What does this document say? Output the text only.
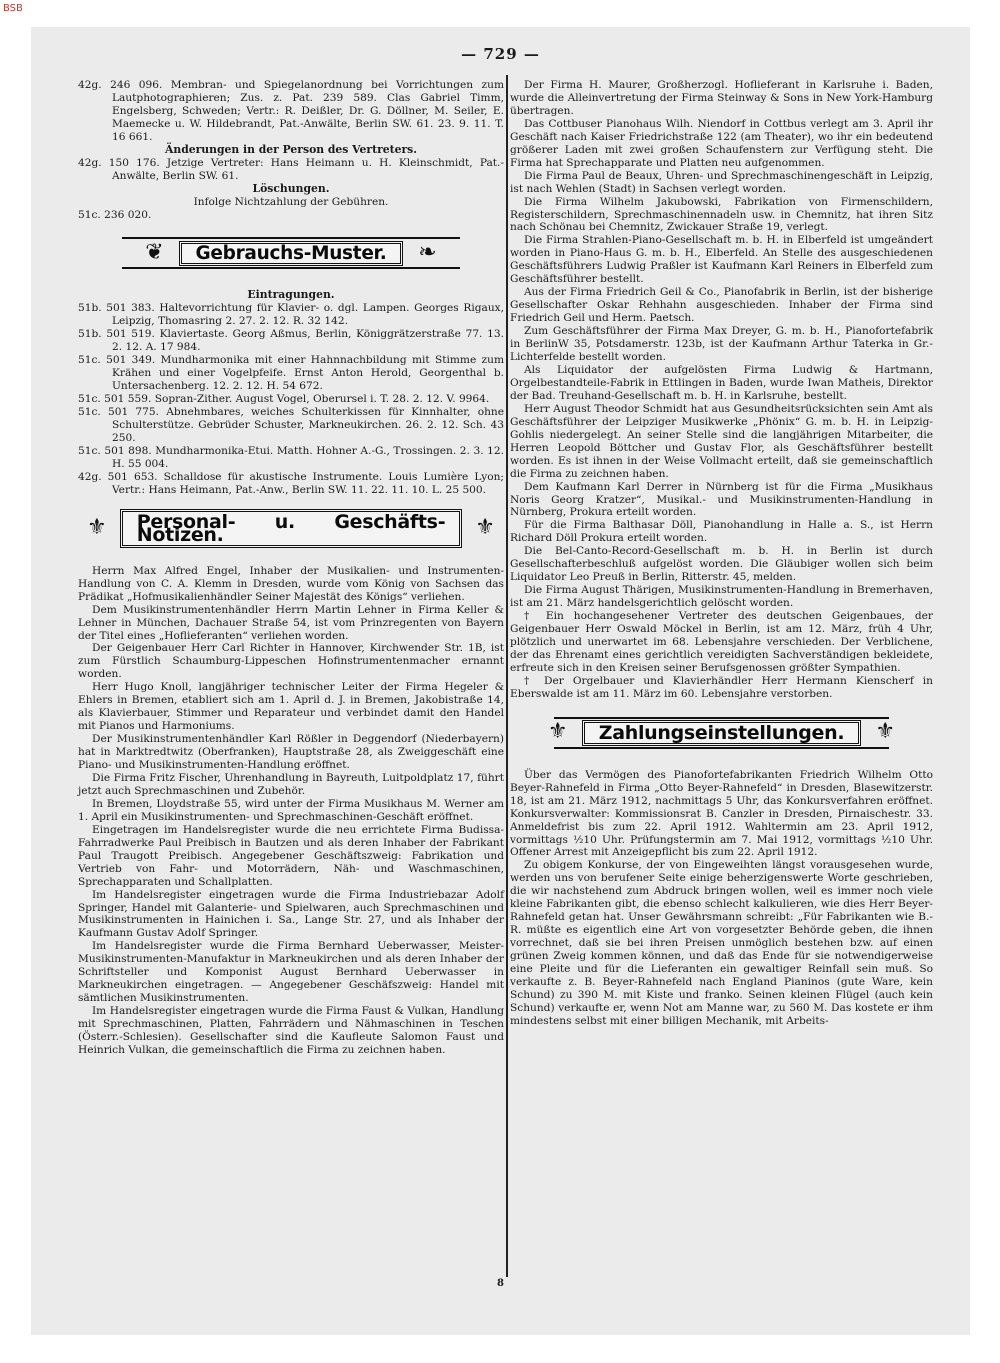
BSB
— 729 —

42g. 246 096. Membran- und Spiegelanordnung bei Vorrichtungen zum Lautphotographieren; Zus. z. Pat. 239 589. Clas Gabriel Timm, Engelsberg, Schweden; Vertr.: R. Deißler, Dr. G. Döllner, M. Seiler, E. Maemecke u. W. Hildebrandt, Pat.-Anwälte, Berlin SW. 61. 23. 9. 11. T. 16 661.

Änderungen in der Person des Vertreters.

42g. 150 176. Jetzige Vertreter: Hans Heimann u. H. Kleinschmidt, Pat.-Anwälte, Berlin SW. 61.

Löschungen.

Infolge Nichtzahlung der Gebühren.

51c. 236 020.

❦	Gebrauchs-Muster.	❧

Eintragungen.

51b. 501 383. Haltevorrichtung für Klavier- o. dgl. Lampen. Georges Rigaux, Leipzig, Thomasring 2. 27. 2. 12. R. 32 142.

51b. 501 519. Klaviertaste. Georg Aßmus, Berlin, Königgrätzerstraße 77. 13. 2. 12. A. 17 984.

51c. 501 349. Mundharmonika mit einer Hahnnachbildung mit Stimme zum Krähen und einer Vogelpfeife. Ernst Anton Herold, Georgenthal b. Untersachenberg. 12. 2. 12. H. 54 672.

51c. 501 559. Sopran-Zither. August Vogel, Oberursel i. T. 28. 2. 12. V. 9964.

51c. 501 775. Abnehmbares, weiches Schulterkissen für Kinnhalter, ohne Schulterstütze. Gebrüder Schuster, Markneukirchen. 26. 2. 12. Sch. 43 250.

51c. 501 898. Mundharmonika-Etui. Matth. Hohner A.-G., Trossingen. 2. 3. 12. H. 55 004.

42g. 501 653. Schalldose für akustische Instrumente. Louis Lumière Lyon; Vertr.: Hans Heimann, Pat.-Anw., Berlin SW. 11. 22. 11. 10. L. 25 500.

⚜	Personal- u. Geschäfts-Notizen.	⚜

Herrn Max Alfred Engel, Inhaber der Musikalien- und Instrumenten-Handlung von C. A. Klemm in Dresden, wurde vom König von Sachsen das Prädikat „Hofmusikalienhändler Seiner Majestät des Königs“ verliehen.

Dem Musikinstrumentenhändler Herrn Martin Lehner in Firma Keller & Lehner in München, Dachauer Straße 54, ist vom Prinzregenten von Bayern der Titel eines „Hoflieferanten“ verliehen worden.

Der Geigenbauer Herr Carl Richter in Hannover, Kirchwender Str. 1B, ist zum Fürstlich Schaumburg-Lippeschen Hofinstrumentenmacher ernannt worden.

Herr Hugo Knoll, langjähriger technischer Leiter der Firma Hegeler & Ehlers in Bremen, etabliert sich am 1. April d. J. in Bremen, Jakobistraße 14, als Klavierbauer, Stimmer und Reparateur und verbindet damit den Handel mit Pianos und Harmoniums.

Der Musikinstrumentenhändler Karl Rößler in Deggendorf (Niederbayern) hat in Marktredtwitz (Oberfranken), Hauptstraße 28, als Zweiggeschäft eine Piano- und Musikinstrumenten-Handlung eröffnet.

Die Firma Fritz Fischer, Uhrenhandlung in Bayreuth, Luitpoldplatz 17, führt jetzt auch Sprechmaschinen und Zubehör.

In Bremen, Lloydstraße 55, wird unter der Firma Musikhaus M. Werner am 1. April ein Musikinstrumenten- und Sprechmaschinen-Geschäft eröffnet.

Eingetragen im Handelsregister wurde die neu errichtete Firma Budissa-Fahrradwerke Paul Preibisch in Bautzen und als deren Inhaber der Fabrikant Paul Traugott Preibisch. Angegebener Geschäftszweig: Fabrikation und Vertrieb von Fahr- und Motorrädern, Näh- und Waschmaschinen, Sprechapparaten und Schallplatten.

Im Handelsregister eingetragen wurde die Firma Industriebazar Adolf Springer, Handel mit Galanterie- und Spielwaren, auch Sprechmaschinen und Musikinstrumenten in Hainichen i. Sa., Lange Str. 27, und als Inhaber der Kaufmann Gustav Adolf Springer.

Im Handelsregister wurde die Firma Bernhard Ueberwasser, Meister-Musikinstrumenten-Manufaktur in Markneukirchen und als deren Inhaber der Schriftsteller und Komponist August Bernhard Ueberwasser in Markneukirchen eingetragen. — Angegebener Geschäfszweig: Handel mit sämtlichen Musikinstrumenten.

Im Handelsregister eingetragen wurde die Firma Faust & Vulkan, Handlung mit Sprechmaschinen, Platten, Fahrrädern und Nähmaschinen in Teschen (Österr.-Schlesien). Gesellschafter sind die Kaufleute Salomon Faust und Heinrich Vulkan, die gemeinschaftlich die Firma zu zeichnen haben.

Der Firma H. Maurer, Großherzogl. Hoflieferant in Karlsruhe i. Baden, wurde die Alleinvertretung der Firma Steinway & Sons in New York-Hamburg übertragen.

Das Cottbuser Pianohaus Wilh. Niendorf in Cottbus verlegt am 3. April ihr Geschäft nach Kaiser Friedrichstraße 122 (am Theater), wo ihr ein bedeutend größerer Laden mit zwei großen Schaufenstern zur Verfügung steht. Die Firma hat Sprechapparate und Platten neu aufgenommen.

Die Firma Paul de Beaux, Uhren- und Sprechmaschinengeschäft in Leipzig, ist nach Wehlen (Stadt) in Sachsen verlegt worden.

Die Firma Wilhelm Jakubowski, Fabrikation von Firmenschildern, Registerschildern, Sprechmaschinennadeln usw. in Chemnitz, hat ihren Sitz nach Schönau bei Chemnitz, Zwickauer Straße 19, verlegt.

Die Firma Strahlen-Piano-Gesellschaft m. b. H. in Elberfeld ist umgeändert worden in Piano-Haus G. m. b. H., Elberfeld. An Stelle des ausgeschiedenen Geschäftsführers Ludwig Praßler ist Kaufmann Karl Reiners in Elberfeld zum Geschäftsführer bestellt.

Aus der Firma Friedrich Geil & Co., Pianofabrik in Berlin, ist der bisherige Gesellschafter Oskar Rehhahn ausgeschieden. Inhaber der Firma sind Friedrich Geil und Herm. Paetsch.

Zum Geschäftsführer der Firma Max Dreyer, G. m. b. H., Pianofortefabrik in BerlinW 35, Potsdamerstr. 123b, ist der Kaufmann Arthur Taterka in Gr.-Lichterfelde bestellt worden.

Als Liquidator der aufgelösten Firma Ludwig & Hartmann, Orgelbestandteile-Fabrik in Ettlingen in Baden, wurde Iwan Matheis, Direktor der Bad. Treuhand-Gesellschaft m. b. H. in Karlsruhe, bestellt.

Herr August Theodor Schmidt hat aus Gesundheitsrücksichten sein Amt als Geschäftsführer der Leipziger Musikwerke „Phönix“ G. m. b. H. in Leipzig-Gohlis niedergelegt. An seiner Stelle sind die langjährigen Mitarbeiter, die Herren Leopold Böttcher und Gustav Flor, als Geschäftsführer bestellt worden. Es ist ihnen in der Weise Vollmacht erteilt, daß sie gemeinschaftlich die Firma zu zeichnen haben.

Dem Kaufmann Karl Derrer in Nürnberg ist für die Firma „Musikhaus Noris Georg Kratzer“, Musikal.- und Musikinstrumenten-Handlung in Nürnberg, Prokura erteilt worden.

Für die Firma Balthasar Döll, Pianohandlung in Halle a. S., ist Herrn Richard Döll Prokura erteilt worden.

Die Bel-Canto-Record-Gesellschaft m. b. H. in Berlin ist durch Gesellschafterbeschluß aufgelöst worden. Die Gläubiger wollen sich beim Liquidator Leo Preuß in Berlin, Ritterstr. 45, melden.

Die Firma August Thärigen, Musikinstrumenten-Handlung in Bremerhaven, ist am 21. März handelsgerichtlich gelöscht worden.

† Ein hochangesehener Vertreter des deutschen Geigenbaues, der Geigenbauer Herr Oswald Möckel in Berlin, ist am 12. März, früh 4 Uhr, plötzlich und unerwartet im 68. Lebensjahre verschieden. Der Verblichene, der das Ehrenamt eines gerichtlich vereidigten Sachverständigen bekleidete, erfreute sich in den Kreisen seiner Berufsgenossen größter Sympathien.

† Der Orgelbauer und Klavierhändler Herr Hermann Kienscherf in Eberswalde ist am 11. März im 60. Lebensjahre verstorben.

⚜	Zahlungseinstellungen.	⚜

Über das Vermögen des Pianofortefabrikanten Friedrich Wilhelm Otto Beyer-Rahnefeld in Firma „Otto Beyer-Rahnefeld“ in Dresden, Blasewitzerstr. 18, ist am 21. März 1912, nachmittags 5 Uhr, das Konkursverfahren eröffnet. Konkursverwalter: Kommissionsrat B. Canzler in Dresden, Pirnaischestr. 33. Anmeldefrist bis zum 22. April 1912. Wahltermin am 23. April 1912, vormittags ½10 Uhr. Prüfungstermin am 7. Mai 1912, vormittags ½10 Uhr. Offener Arrest mit Anzeigepflicht bis zum 22. April 1912.

Zu obigem Konkurse, der von Eingeweihten längst vorausgesehen wurde, werden uns von berufener Seite einige beherzigenswerte Worte geschrieben, die wir nachstehend zum Abdruck bringen wollen, weil es immer noch viele kleine Fabrikanten gibt, die ebenso schlecht kalkulieren, wie dies Herr Beyer-Rahnefeld getan hat. Unser Gewährsmann schreibt: „Für Fabrikanten wie B.-R. müßte es eigentlich eine Art von vorgesetzter Behörde geben, die ihnen vorrechnet, daß sie bei ihren Preisen unmöglich bestehen bzw. auf einen grünen Zweig kommen können, und daß das Ende für sie notwendigerweise eine Pleite und für die Lieferanten ein gewaltiger Reinfall sein muß. So verkaufte z. B. Beyer-Rahnefeld nach England Pianinos (gute Ware, kein Schund) zu 390 M. mit Kiste und franko. Seinen kleinen Flügel (auch kein Schund) verkaufte er, wenn Not am Manne war, zu 560 M. Das kostete er ihm mindestens selbst mit einer billigen Mechanik, mit Arbeits-

8
